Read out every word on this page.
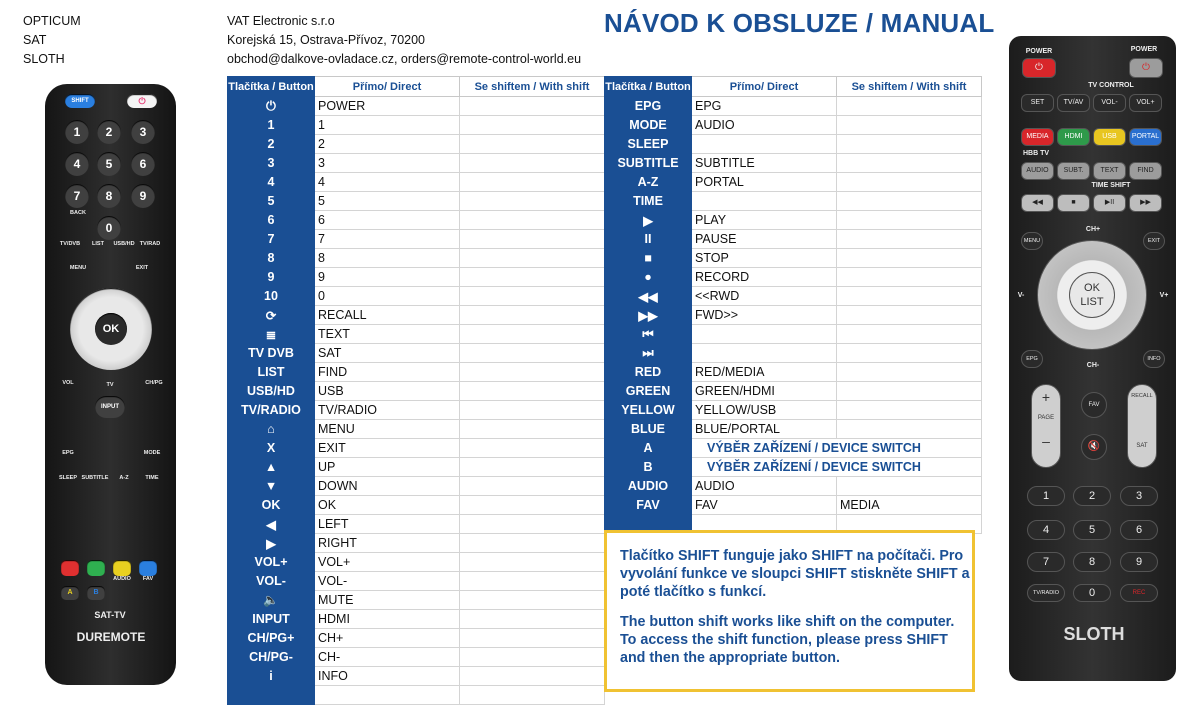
OPTICUM
SAT
SLOTH
VAT Electronic s.r.o
Korejská 15, Ostrava-Přívoz, 70200
obchod@dalkove-ovladace.cz, orders@remote-control-world.eu
NÁVOD K OBSLUZE / MANUAL
Tlačítka / Button	Přímo/ Direct	Se shiftem / With shift
⏻	POWER	
1	1	
2	2	
3	3	
4	4	
5	5	
6	6	
7	7	
8	8	
9	9	
10	0	
⟳	RECALL	
≣	TEXT	
TV DVB	SAT	
LIST	FIND	
USB/HD	USB	
TV/RADIO	TV/RADIO	
⌂	MENU	
X	EXIT	
▲	UP	
▼	DOWN	
OK	OK	
◀	LEFT	
▶	RIGHT	
VOL+	VOL+	
VOL-	VOL-	
🔈	MUTE	
INPUT	HDMI	
CH/PG+	CH+	
CH/PG-	CH-	
i	INFO	

Tlačítka / Button	Přímo/ Direct	Se shiftem / With shift
EPG	EPG	
MODE	AUDIO	
SLEEP		
SUBTITLE	SUBTITLE	
A-Z	PORTAL	
TIME		
▶	PLAY	
II	PAUSE	
■	STOP	
●	RECORD	
◀◀	<<RWD	
▶▶	FWD>>	
⏮		
⏭		
RED	RED/MEDIA	
GREEN	GREEN/HDMI	
YELLOW	YELLOW/USB	
BLUE	BLUE/PORTAL	
A	VÝBĚR ZAŘÍZENÍ / DEVICE SWITCH	
B	VÝBĚR ZAŘÍZENÍ / DEVICE SWITCH	
AUDIO	AUDIO	
FAV	FAV	MEDIA

Tlačítko SHIFT funguje jako SHIFT na počítači. Pro vyvolání funkce ve sloupci SHIFT stiskněte SHIFT a poté tlačítko s funkcí.

The button shift works like shift on the computer. To access the shift function, please press SHIFT and then the appropriate button.

SHIFT	⏻
1	2	3
4	5	6
7	8	9
0
BACK
TV/DVB	LIST	USB/HD TV/RAD
MENU	EXIT
OK
VOL	TV
INPUT
CH/PG
EPG	MODE
SLEEP SUBTITLE	A-Z	TIME
AUDIO	FAV
A	B
SAT-TV
DUREMOTE
POWER	POWER
⏻	⏻
TV CONTROL
SET	TV/AV	VOL-	VOL+
MEDIA	HDMI	USB	PORTAL
AUDIO	SUBT.	TEXT	FIND
◀◀	■	▶II	▶▶
HBB TV
TIME SHIFT
MENU	EXIT
CH+
V-	V+
OK
LIST
EPG	INFO
CH-
+
PAGE
–
FAV
🔇
RECALL
SAT
1	2	3
4	5	6
7	8	9
0
TV/RADIO	REC
SLOTH
